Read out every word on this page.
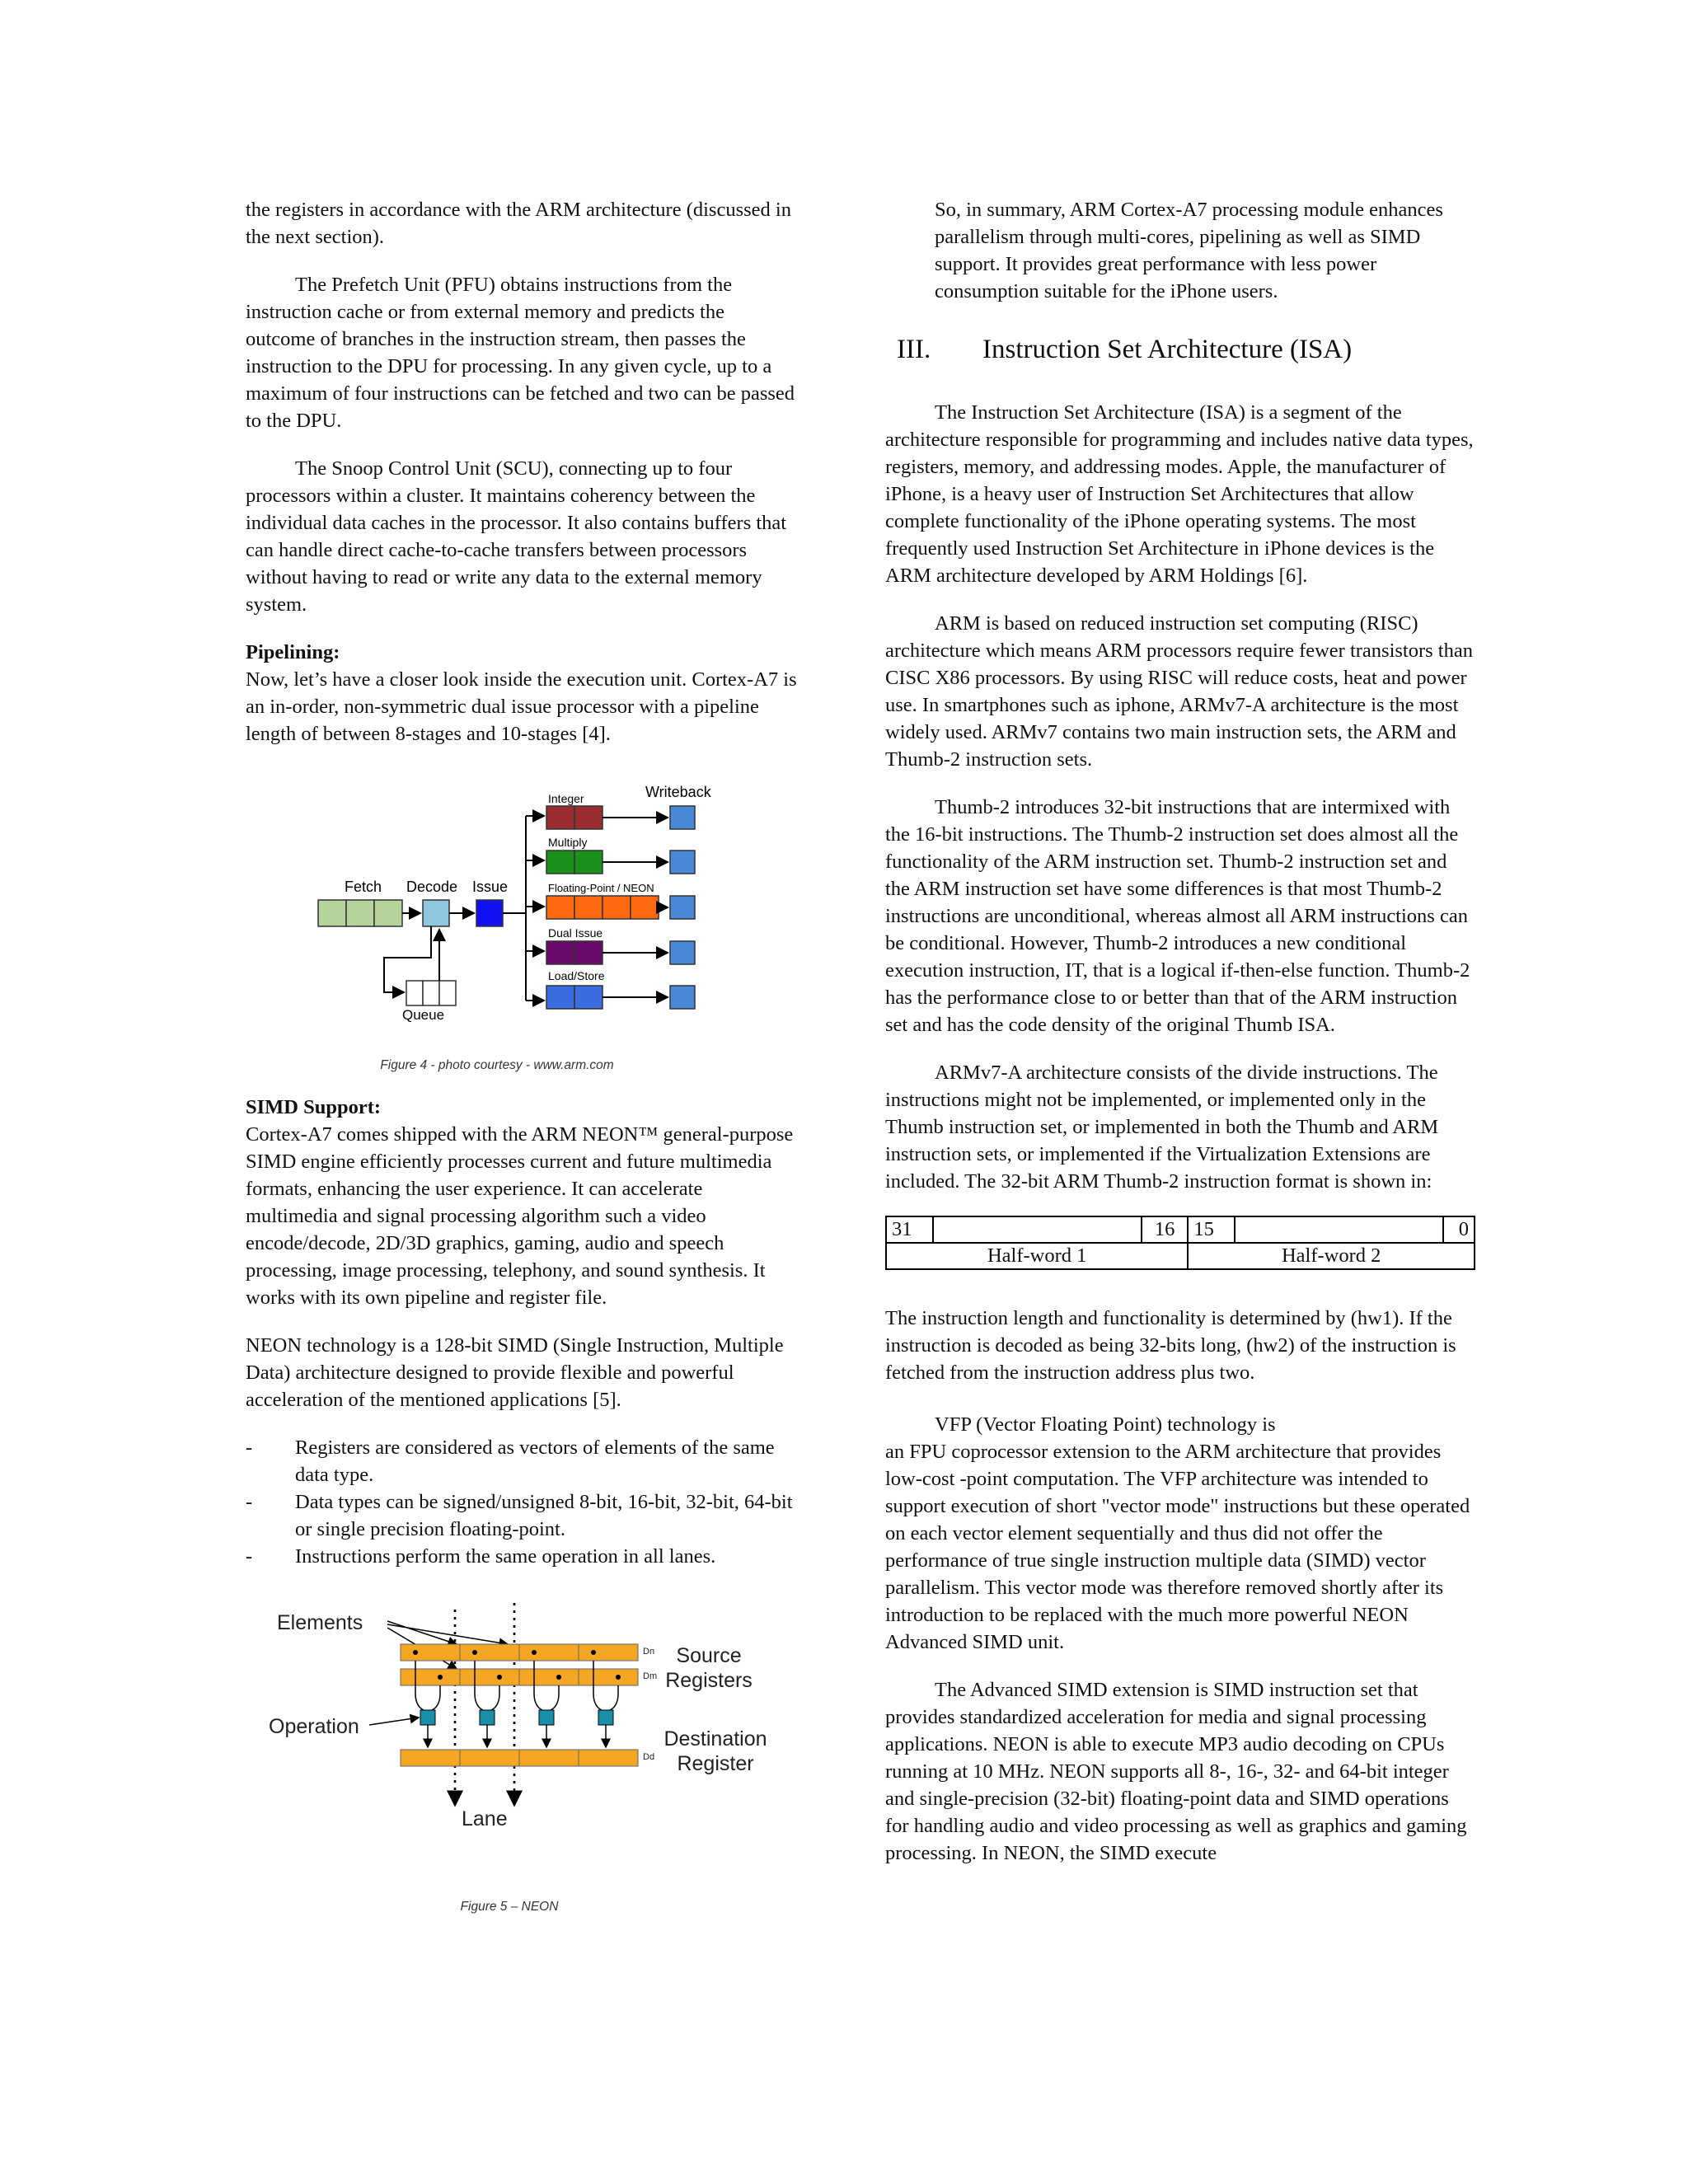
the registers in accordance with the ARM architecture (discussed in the next section).

The Prefetch Unit (PFU) obtains instructions from the instruction cache or from external memory and predicts the outcome of branches in the instruction stream, then passes the instruction to the DPU for processing. In any given cycle, up to a maximum of four instructions can be fetched and two can be passed to the DPU.

The Snoop Control Unit (SCU), connecting up to four processors within a cluster. It maintains coherency between the individual data caches in the processor. It also contains buffers that can handle direct cache-to-cache transfers between processors without having to read or write any data to the external memory system.

Pipelining:

Now, let’s have a closer look inside the execution unit. Cortex-A7 is an in-order, non-symmetric dual issue processor with a pipeline length of between 8-stages and 10-stages [4].

Fetch Decode Issue
Integer	Writeback
Multiply
Floating-Point / NEON
Dual Issue
Load/Store
Queue
Figure 4 - photo courtesy - www.arm.com
SIMD Support:

Cortex-A7 comes shipped with the ARM NEON™ general-purpose SIMD engine efficiently processes current and future multimedia formats, enhancing the user experience. It can accelerate multimedia and signal processing algorithm such a video encode/decode, 2D/3D graphics, gaming, audio and speech processing, image processing, telephony, and sound synthesis. It works with its own pipeline and register file.

NEON technology is a 128-bit SIMD (Single Instruction, Multiple Data) architecture designed to provide flexible and powerful acceleration of the mentioned applications [5].

- Registers are considered as vectors of elements of the same data type.
- Data types can be signed/unsigned 8-bit, 16-bit, 32-bit, 64-bit or single precision floating-point.
- Instructions perform the same operation in all lanes.
Elements
Operation
Lane
Source
Registers
Destination
Register
Dn
Dm
Dd
Figure 5 – NEON

So, in summary, ARM Cortex-A7 processing module enhances parallelism through multi-cores, pipelining as well as SIMD support. It provides great performance with less power consumption suitable for the iPhone users.

III. Instruction Set Architecture (ISA)

The Instruction Set Architecture (ISA) is a segment of the architecture responsible for programming and includes native data types, registers, memory, and addressing modes. Apple, the manufacturer of iPhone, is a heavy user of Instruction Set Architectures that allow complete functionality of the iPhone operating systems. The most frequently used Instruction Set Architecture in iPhone devices is the ARM architecture developed by ARM Holdings [6].

ARM is based on reduced instruction set computing (RISC) architecture which means ARM processors require fewer transistors than CISC X86 processors. By using RISC will reduce costs, heat and power use. In smartphones such as iphone, ARMv7-A architecture is the most widely used. ARMv7 contains two main instruction sets, the ARM and Thumb-2 instruction sets.

Thumb-2 introduces 32-bit instructions that are intermixed with the 16-bit instructions. The Thumb-2 instruction set does almost all the functionality of the ARM instruction set. Thumb-2 instruction set and the ARM instruction set have some differences is that most Thumb-2 instructions are unconditional, whereas almost all ARM instructions can be conditional. However, Thumb-2 introduces a new conditional execution instruction, IT, that is a logical if-then-else function. Thumb-2 has the performance close to or better than that of the ARM instruction set and has the code density of the original Thumb ISA.

ARMv7-A architecture consists of the divide instructions. The instructions might not be implemented, or implemented only in the Thumb instruction set, or implemented in both the Thumb and ARM instruction sets, or implemented if the Virtualization Extensions are included. The 32-bit ARM Thumb-2 instruction format is shown in:

31		16	15		0
Half-word 1			Half-word 2		

The instruction length and functionality is determined by (hw1). If the instruction is decoded as being 32-bits long, (hw2) of the instruction is fetched from the instruction address plus two.

VFP (Vector Floating Point) technology is
an FPU coprocessor extension to the ARM architecture that provides low-cost -point computation. The VFP architecture was intended to support execution of short "vector mode" instructions but these operated on each vector element sequentially and thus did not offer the performance of true single instruction multiple data (SIMD) vector parallelism. This vector mode was therefore removed shortly after its introduction to be replaced with the much more powerful NEON Advanced SIMD unit.

The Advanced SIMD extension is SIMD instruction set that provides standardized acceleration for media and signal processing applications. NEON is able to execute MP3 audio decoding on CPUs running at 10 MHz. NEON supports all 8-, 16-, 32- and 64-bit integer and single-precision (32-bit) floating-point data and SIMD operations for handling audio and video processing as well as graphics and gaming processing. In NEON, the SIMD execute
